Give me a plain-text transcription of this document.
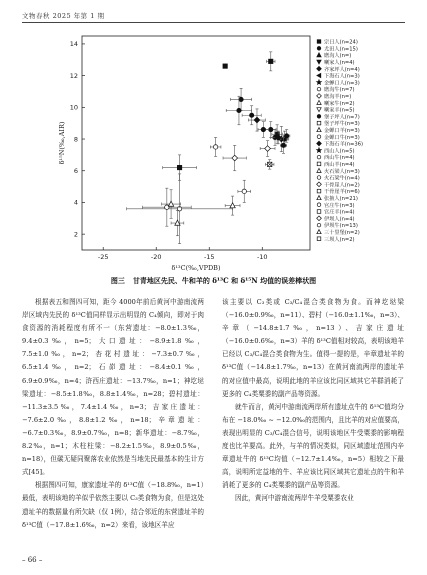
文物春秋 2025 年第 1 期
-25	-20	-15	-10
2
4
6
8
10
12
14
δ¹³C(‰,VPDB)
δ¹⁵N(‰,AIR)
宗日人(n=24)
尤田人(n=15)
磨沟人(n=)
喇家人(n=4)
齐家坪人(n=4)
下海石人(n=3)
金蝉口人(n=3)
磨沟牛(n=7)
磨沟羊(n=)
喇家牛(n=2)
喇家羊(n=5)
堡子坪人(n=7)
堡子坪牛(n=3)
金蝉口羊(n=3)
金蝉口牛(n=3)
下海石羊(n=36)
西山人(n=5)
西山牛(n=4)
西山羊(n=4)
火石梁人(n=3)
火石梁牛(n=4)
干骨崖人(n=2)
干骨崖羊(n=6)
张掖人(n=21)
官庄牛(n=3)
官庄羊(n=4)
伊坝人(n=4)
伊坝牛(n=13)
三十里堡(n=2)
三坝人(n=2)
图三 甘青地区先民、牛和羊的 δ¹³C 和 δ¹⁵N 均值的误差棒状图

根据表五和图四可知，距今 4000年前后黄河中游南流两岸区域内先民的 δ¹³C值同样显示出明显的 C₄倾向，即对于肉食资源的消耗程度有所不一（东营遗址：−8.0±1.3‰，9.4±0.3‰，n=5；大口遗址：−8.9±1.8‰，7.5±1.0‰，n=2；杏花村遗址：−7.3±0.7‰，6.5±1.4‰，n=2；石峁遗址：−8.4±0.1‰，6.9±0.9‰，n=4；浒西庄遗址：−13.7‰，n=1；神圪垯梁遗址：−8.5±1.8‰，8.8±1.4‰，n=28；碧村遗址：−11.3±3.5‰，7.4±1.4‰，n=3；吉家庄遗址：−7.6±2.0‰，8.8±1.2‰，n=18；辛章遗址：−6.7±0.3‰，8.9±0.7‰，n=8；新华遗址：−8.7‰，8.2‰，n=1；木柱柱梁：−8.2±1.5‰，8.9±0.5‰，n=18），但碳无疑同聚落农业依然是当地先民最基本的生计方式[45]。

根据图四可知，康家遗址羊的 δ¹³C值（−18.8‰，n=1）最低，表明该地的羊似乎依然主要以 C₃类食物为食，但是这处遗址羊的数据量有所欠缺（仅 1例），结合邻近的东营遗址羊的 δ¹³C值（−17.8±1.6‰，n=2）来看，该地区羊应

该主要以 C₃类或 C₃/C₄混合类食物为食。而神圪垯梁（−16.0±0.9‰，n=11）、碧村（−16.0±1.1‰，n=3）、辛章（−14.8±1.7‰，n=13）、吉家庄遗址（−16.0±0.6‰，n=3）羊的 δ¹³C值相对较高，表明该地羊已经以 C₃/C₄混合类食物为生。值得一提的是，辛章遗址羊的 δ¹³C值（−14.8±1.7‰，n=13）在黄河南流两岸的遗址羊的对应值中最高，说明此地的羊应该比同区域其它羊群消耗了更多的 C₄类粟黍的副产品等资源。

就牛而言，黄河中游南流两岸所有遗址点牛的 δ¹³C值均分布在 −18.0‰ ~ −12.0‰的范围内，且比羊的对应值要高，表现出明显的 C₃/C₄混合信号，说明该地区牛受粟黍的影响程度也比羊要高。此外，与羊的情况类似，同区域遗址范围内辛章遗址牛的 δ¹³C均值（−12.7±1.4‰，n=5）相较之下最高，说明所定益地的牛、羊应该比同区域其它遗址点的牛和羊消耗了更多的 C₄类粟黍的副产品等资源。

因此，黄河中游南流两岸牛羊受粟黍农业

– 66 –
